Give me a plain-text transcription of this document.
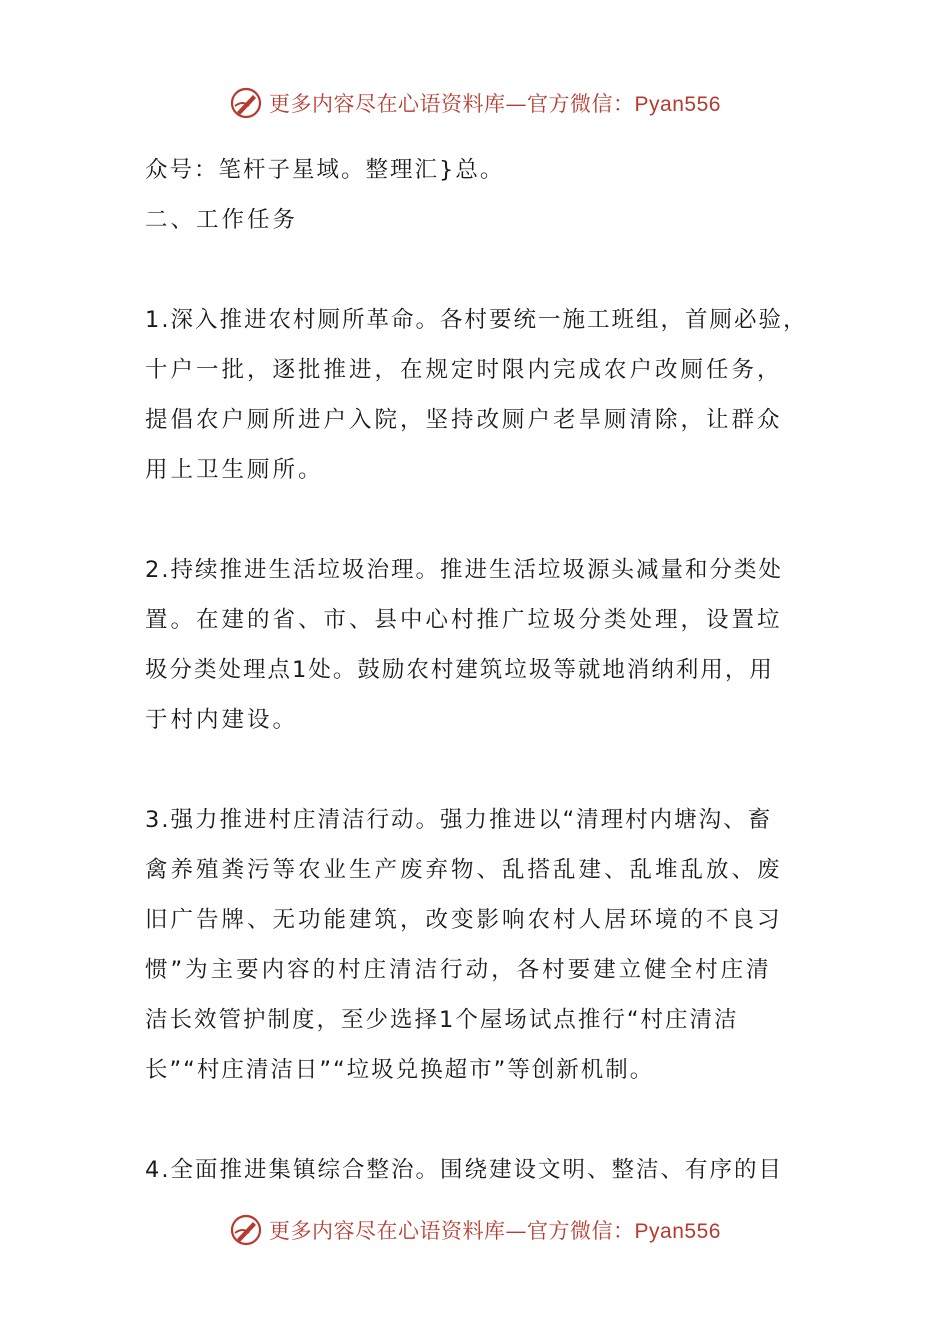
更多内容尽在心语资料库—官方微信：Pyan556
众号：笔杆子星域。整理汇}总。
二、工作任务
1.深入推进农村厕所革命。各村要统一施工班组，首厕必验，
十户一批，逐批推进，在规定时限内完成农户改厕任务，
提倡农户厕所进户入院，坚持改厕户老旱厕清除，让群众
用上卫生厕所。
2.持续推进生活垃圾治理。推进生活垃圾源头减量和分类处
置。在建的省、市、县中心村推广垃圾分类处理，设置垃
圾分类处理点1处。鼓励农村建筑垃圾等就地消纳利用，用
于村内建设。
3.强力推进村庄清洁行动。强力推进以“清理村内塘沟、畜
禽养殖粪污等农业生产废弃物、乱搭乱建、乱堆乱放、废
旧广告牌、无功能建筑，改变影响农村人居环境的不良习
惯”为主要内容的村庄清洁行动，各村要建立健全村庄清
洁长效管护制度，至少选择1个屋场试点推行“村庄清洁
长”“村庄清洁日”“垃圾兑换超市”等创新机制。
4.全面推进集镇综合整治。围绕建设文明、整洁、有序的目
更多内容尽在心语资料库—官方微信：Pyan556
